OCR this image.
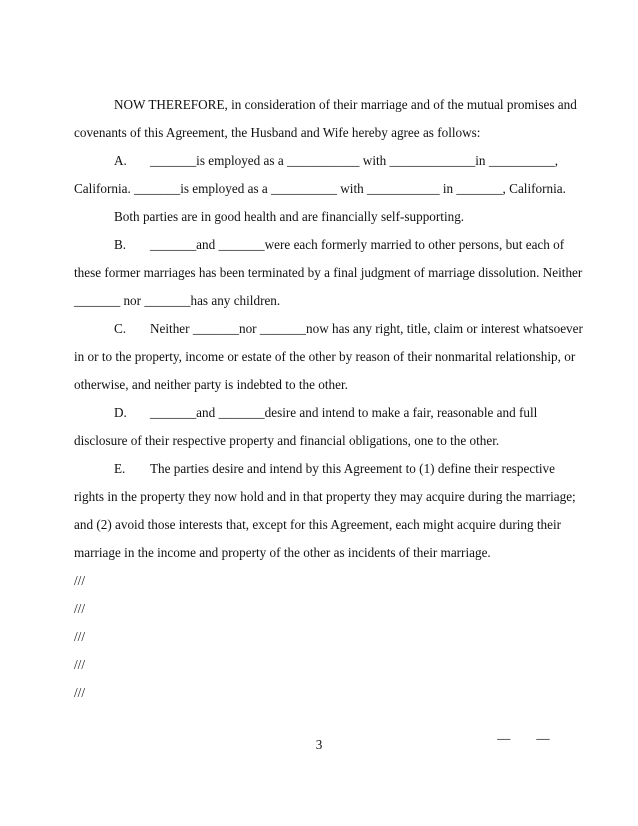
NOW THEREFORE, in consideration of their marriage and of the mutual promises and
covenants of this Agreement, the Husband and Wife hereby agree as follows:
A. _______is employed as a ___________ with _____________in __________,
California. _______is employed as a __________ with ___________ in _______, California.
Both parties are in good health and are financially self-supporting.
B. _______and _______were each formerly married to other persons, but each of
these former marriages has been terminated by a final judgment of marriage dissolution. Neither
_______ nor _______has any children.
C. Neither _______nor _______now has any right, title, claim or interest whatsoever
in or to the property, income or estate of the other by reason of their nonmarital relationship, or
otherwise, and neither party is indebted to the other.
D. _______and _______desire and intend to make a fair, reasonable and full
disclosure of their respective property and financial obligations, one to the other.
E. The parties desire and intend by this Agreement to (1) define their respective
rights in the property they now hold and in that property they may acquire during the marriage;
and (2) avoid those interests that, except for this Agreement, each might acquire during their
marriage in the income and property of the other as incidents of their marriage.
///
///
///
///
///

__ __

3
